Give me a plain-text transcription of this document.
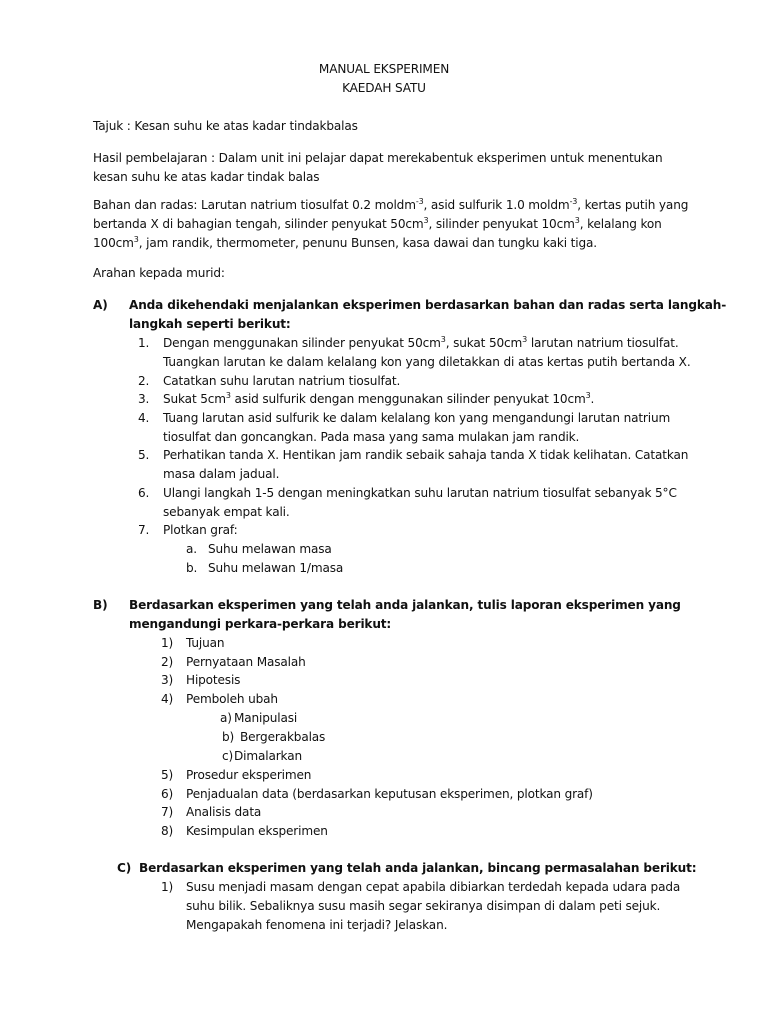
MANUAL EKSPERIMEN
KAEDAH SATU
Tajuk : Kesan suhu ke atas kadar tindakbalas
Hasil pembelajaran : Dalam unit ini pelajar dapat merekabentuk eksperimen untuk menentukan
kesan suhu ke atas kadar tindak balas
Bahan dan radas: Larutan natrium tiosulfat 0.2 moldm$^{-3}$, asid sulfurik 1.0 moldm$^{-3}$, kertas putih yang
bertanda X di bahagian tengah, silinder penyukat $50cm^3$, silinder penyukat $10cm^3$, kelalang kon
$100cm^3$, jam randik, thermometer, penunu Bunsen, kasa dawai dan tungku kaki tiga.
Arahan kepada murid:
A) Anda dikehendaki menjalankan eksperimen berdasarkan bahan dan radas serta langkah-
langkah seperti berikut:
1. Dengan menggunakan silinder penyukat $50cm^3$, sukat $50cm^3$ larutan natrium tiosulfat.
Tuangkan larutan ke dalam kelalang kon yang diletakkan di atas kertas putih bertanda X.
2. Catatkan suhu larutan natrium tiosulfat.
3. Sukat $5cm^3$ asid sulfurik dengan menggunakan silinder penyukat $10cm^3$.
4. Tuang larutan asid sulfurik ke dalam kelalang kon yang mengandungi larutan natrium
tiosulfat dan goncangkan. Pada masa yang sama mulakan jam randik.
5. Perhatikan tanda X. Hentikan jam randik sebaik sahaja tanda X tidak kelihatan. Catatkan
masa dalam jadual.
6. Ulangi langkah 1-5 dengan meningkatkan suhu larutan natrium tiosulfat sebanyak 5°C
sebanyak empat kali.
7. Plotkan graf:
a. Suhu melawan masa
b. Suhu melawan 1/masa
B) Berdasarkan eksperimen yang telah anda jalankan, tulis laporan eksperimen yang
mengandungi perkara-perkara berikut:
1) Tujuan
2) Pernyataan Masalah
3) Hipotesis
4) Pemboleh ubah
a) Manipulasi
b) Bergerakbalas
c) Dimalarkan
5) Prosedur eksperimen
6) Penjadualan data (berdasarkan keputusan eksperimen, plotkan graf)
7) Analisis data
8) Kesimpulan eksperimen
C) Berdasarkan eksperimen yang telah anda jalankan, bincang permasalahan berikut:
1) Susu menjadi masam dengan cepat apabila dibiarkan terdedah kepada udara pada
suhu bilik. Sebaliknya susu masih segar sekiranya disimpan di dalam peti sejuk.
Mengapakah fenomena ini terjadi? Jelaskan.
